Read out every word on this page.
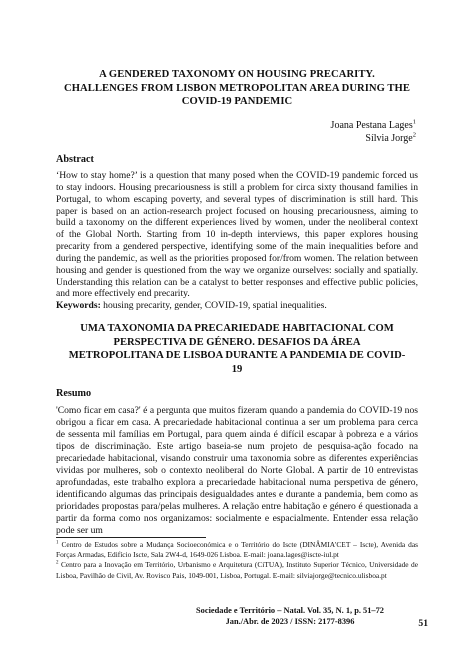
A GENDERED TAXONOMY ON HOUSING PRECARITY.
CHALLENGES FROM LISBON METROPOLITAN AREA DURING THE
COVID-19 PANDEMIC
Joana Pestana Lages$^1$
Sílvia Jorge$^2$
Abstract

‘How to stay home?’ is a question that many posed when the COVID-19 pandemic forced us to stay indoors. Housing precariousness is still a problem for circa sixty thousand families in Portugal, to whom escaping poverty, and several types of discrimination is still hard. This paper is based on an action-research project focused on housing precariousness, aiming to build a taxonomy on the different experiences lived by women, under the neoliberal context of the Global North. Starting from 10 in-depth interviews, this paper explores housing precarity from a gendered perspective, identifying some of the main inequalities before and during the pandemic, as well as the priorities proposed for/from women. The relation between housing and gender is questioned from the way we organize ourselves: socially and spatially. Understanding this relation can be a catalyst to better responses and effective public policies, and more effectively end precarity.

Keywords: housing precarity, gender, COVID-19, spatial inequalities.

UMA TAXONOMIA DA PRECARIEDADE HABITACIONAL COM
PERSPECTIVA DE GÉNERO. DESAFIOS DA ÁREA
METROPOLITANA DE LISBOA DURANTE A PANDEMIA DE COVID-
19
Resumo

'Como ficar em casa?' é a pergunta que muitos fizeram quando a pandemia do COVID-19 nos obrigou a ficar em casa. A precariedade habitacional continua a ser um problema para cerca de sessenta mil famílias em Portugal, para quem ainda é difícil escapar à pobreza e a vários tipos de discriminação. Este artigo baseia-se num projeto de pesquisa-ação focado na precariedade habitacional, visando construir uma taxonomia sobre as diferentes experiências vividas por mulheres, sob o contexto neoliberal do Norte Global. A partir de 10 entrevistas aprofundadas, este trabalho explora a precariedade habitacional numa perspetiva de género, identificando algumas das principais desigualdades antes e durante a pandemia, bem como as prioridades propostas para/pelas mulheres. A relação entre habitação e género é questionada a partir da forma como nos organizamos: socialmente e espacialmente. Entender essa relação pode ser um

$^1$ Centro de Estudos sobre a Mudança Socioeconómica e o Território do Iscte (DINÂMIA'CET – Iscte), Avenida das Forças Armadas, Edifício Iscte, Sala 2W4-d, 1649-026 Lisboa. E-mail: joana.lages@iscte-iul.pt

$^2$ Centro para a Inovação em Território, Urbanismo e Arquitetura (CiTUA), Instituto Superior Técnico, Universidade de Lisboa, Pavilhão de Civil, Av. Rovisco Pais, 1049-001, Lisboa, Portugal. E-mail: silviajorge@tecnico.ulisboa.pt

Sociedade e Território – Natal. Vol. 35, N. 1, p. 51–72
Jan./Abr. de 2023 / ISSN: 2177-8396	51
